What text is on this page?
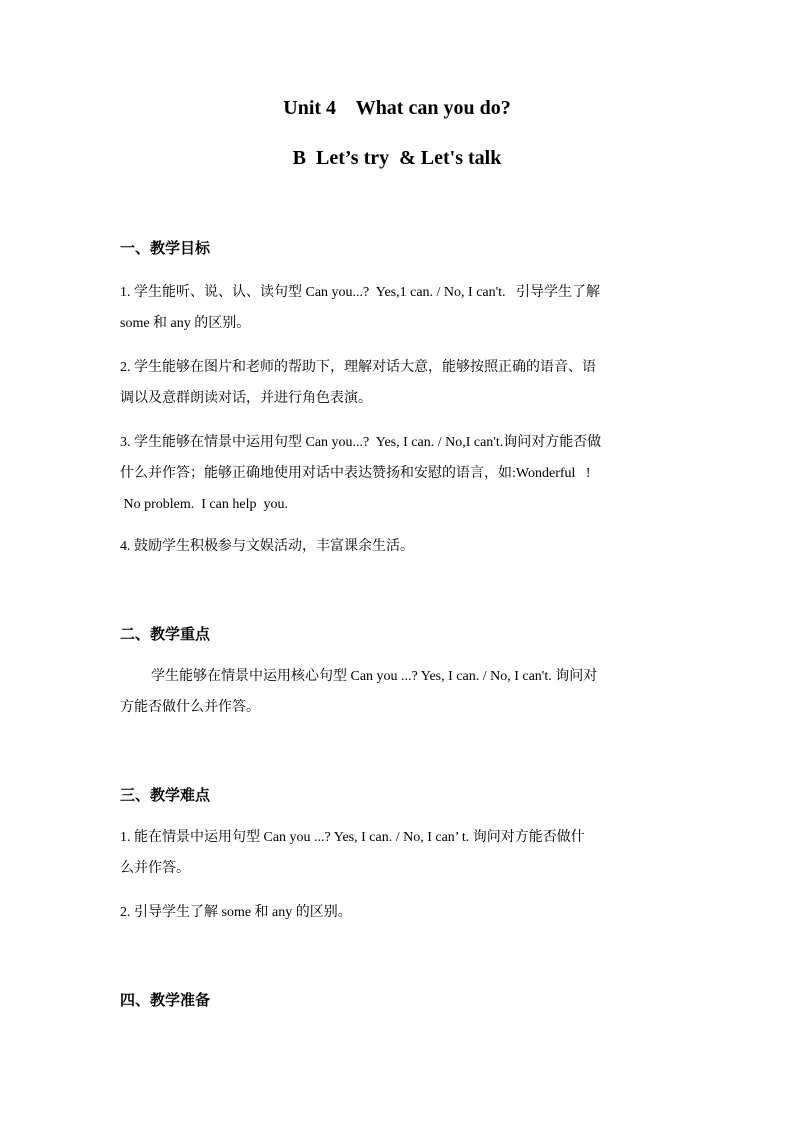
Unit 4    What can you do?
B  Let’s try  & Let's talk
一、教学目标
1. 学生能听、说、认、读句型 Can you...?  Yes,1 can. / No, I can't.   引导学生了解
some 和 any 的区别。
2. 学生能够在图片和老师的帮助下，理解对话大意，能够按照正确的语音、语
调以及意群朗读对话，并进行角色表演。
3. 学生能够在情景中运用句型 Can you...?  Yes, I can. / No,I can't.询问对方能否做
什么并作答；能够正确地使用对话中表达赞扬和安慰的语言，如:Wonderful   !
No problem.  I can help  you.
4. 鼓励学生积极参与文娱活动，丰富课余生活。
二、教学重点
学生能够在情景中运用核心句型 Can you ...? Yes, I can. / No, I can't. 询问对
方能否做什么并作答。
三、教学难点
1. 能在情景中运用句型 Can you ...? Yes, I can. / No, I can’ t. 询问对方能否做什
么并作答。
2. 引导学生了解 some 和 any 的区别。
四、教学准备
